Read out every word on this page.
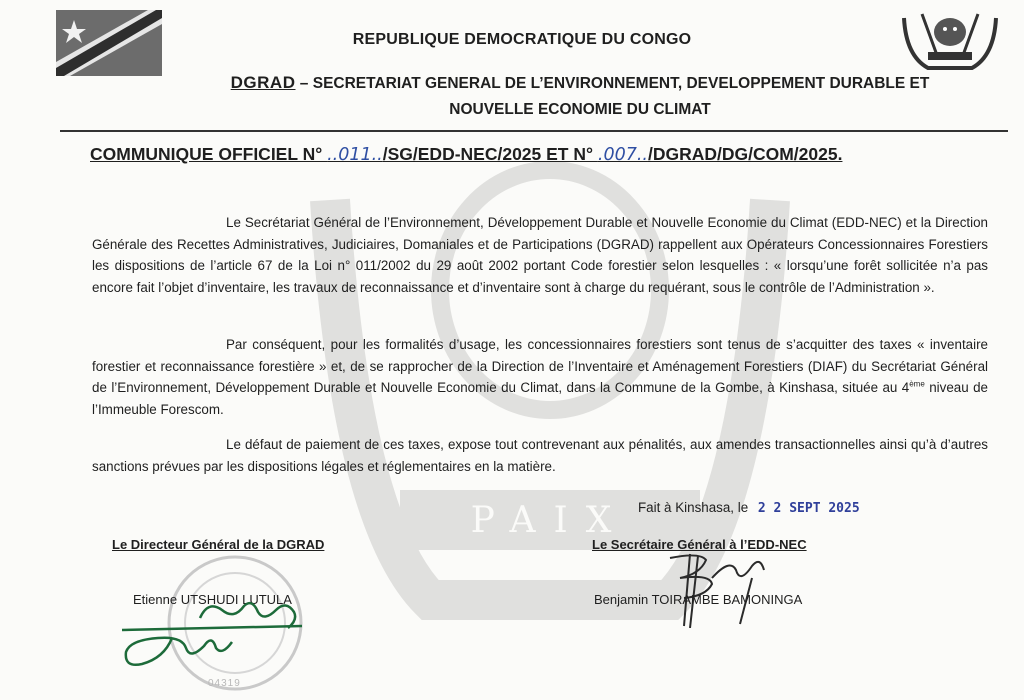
PAIX
REPUBLIQUE DEMOCRATIQUE DU CONGO
DGRAD – SECRETARIAT GENERAL DE L’ENVIRONNEMENT, DEVELOPPEMENT DURABLE ET
NOUVELLE ECONOMIE DU CLIMAT
COMMUNIQUE OFFICIEL N° ..011../SG/EDD-NEC/2025 ET N° .007../DGRAD/DG/COM/2025.
Le Secrétariat Général de l’Environnement, Développement Durable et Nouvelle Economie du Climat (EDD-NEC) et la Direction Générale des Recettes Administratives, Judiciaires, Domaniales et de Participations (DGRAD) rappellent aux Opérateurs Concessionnaires Forestiers les dispositions de l’article 67 de la Loi n° 011/2002 du 29 août 2002 portant Code forestier selon lesquelles : « lorsqu’une forêt sollicitée n’a pas encore fait l’objet d’inventaire, les travaux de reconnaissance et d’inventaire sont à charge du requérant, sous le contrôle de l’Administration ».
Par conséquent, pour les formalités d’usage, les concessionnaires forestiers sont tenus de s’acquitter des taxes « inventaire forestier et reconnaissance forestière » et, de se rapprocher de la Direction de l’Inventaire et Aménagement Forestiers (DIAF) du Secrétariat Général de l’Environnement, Développement Durable et Nouvelle Economie du Climat, dans la Commune de la Gombe, à Kinshasa, située au 4ème niveau de l’Immeuble Forescom.
Le défaut de paiement de ces taxes, expose tout contrevenant aux pénalités, aux amendes transactionnelles ainsi qu’à d’autres sanctions prévues par les dispositions légales et réglementaires en la matière.
Fait à Kinshasa, le 2 2 SEPT 2025
Le Directeur Général de la DGRAD
Etienne UTSHUDI LUTULA
04319
Le Secrétaire Général à l’EDD-NEC
Benjamin TOIRAMBE BAMONINGA
